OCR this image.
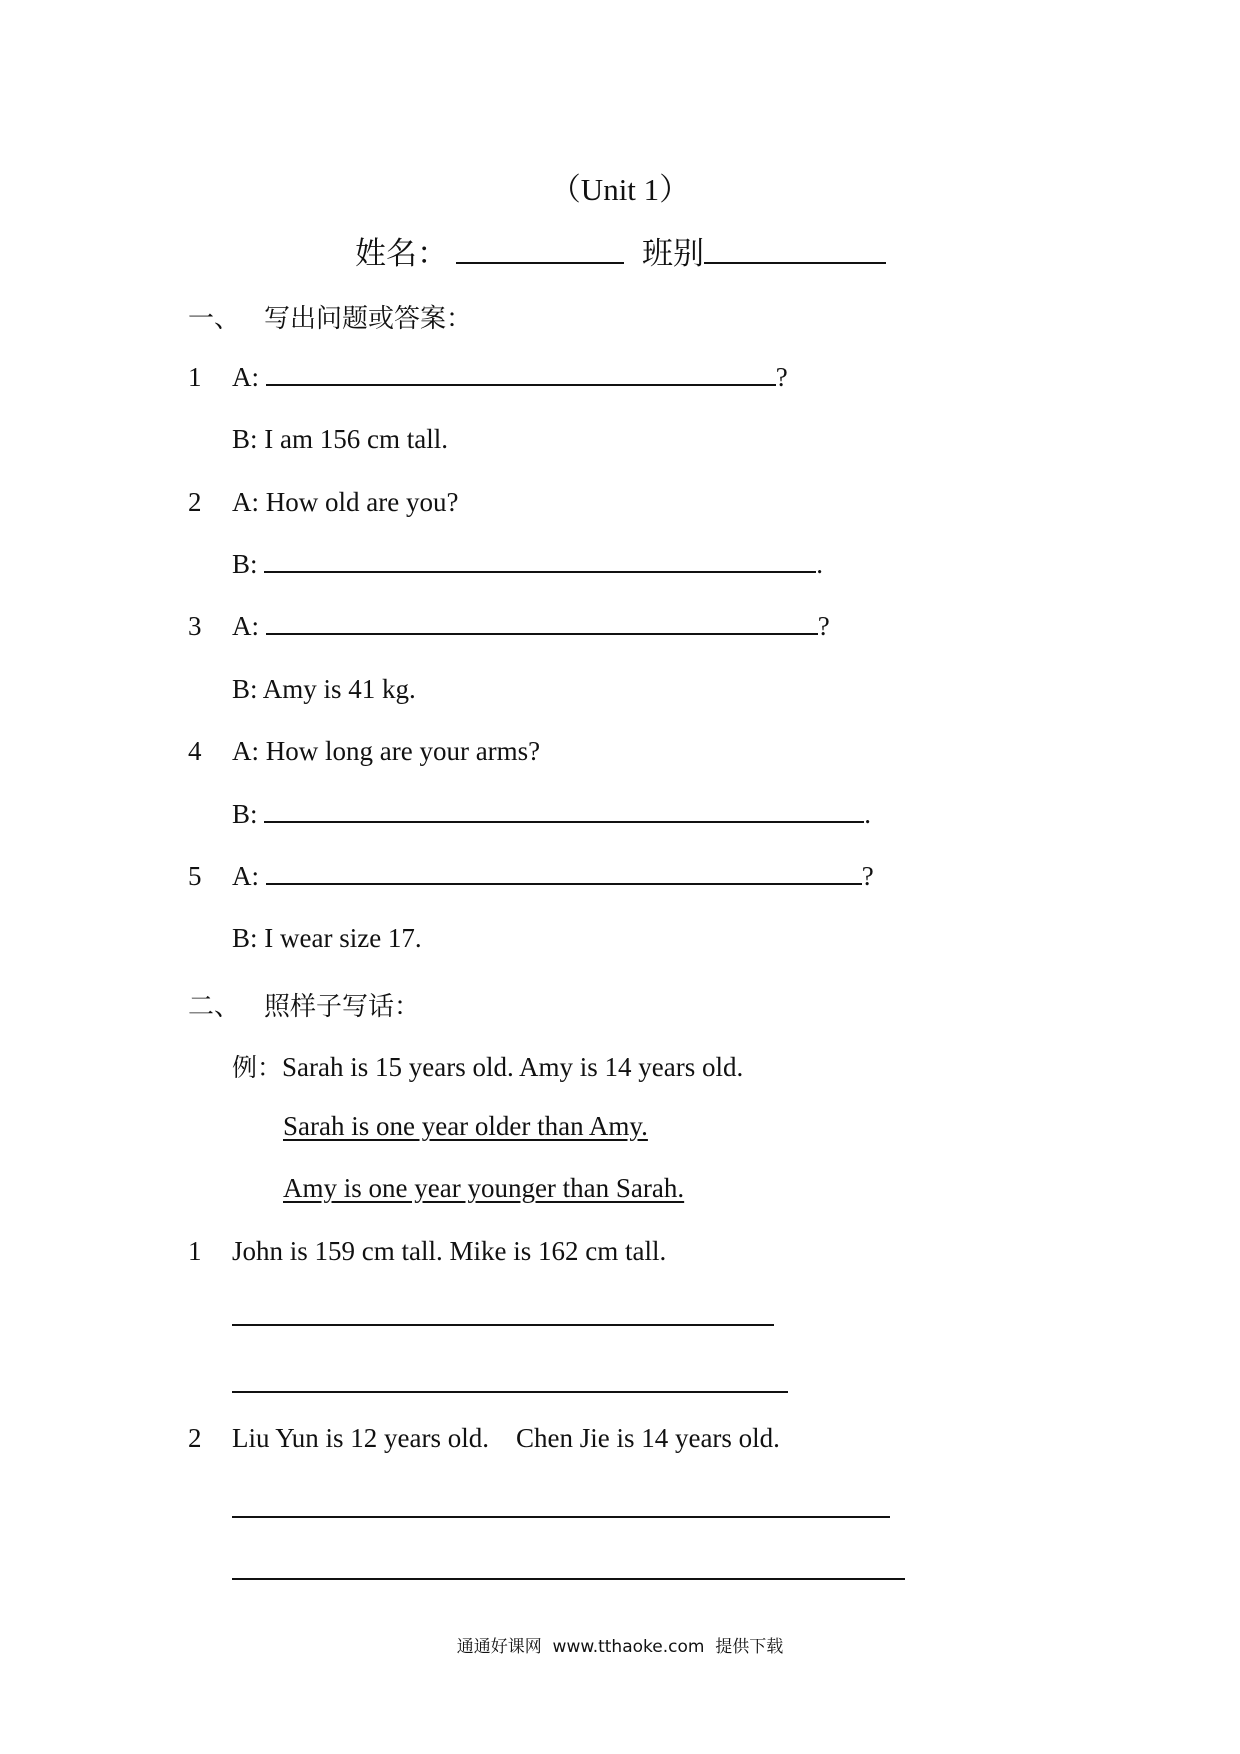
（Unit 1）
姓名：	班别
一、 写出问题或答案：
1 A:	?
B: I am 156 cm tall.
2 A: How old are you?
B:	.
3 A:	?
B: Amy is 41 kg.
4 A: How long are your arms?
B:	.
5 A:	?
B: I wear size 17.
二、 照样子写话：
例：Sarah is 15 years old. Amy is 14 years old.
Sarah is one year older than Amy.
Amy is one year younger than Sarah.
1 John is 159 cm tall. Mike is 162 cm tall.
2 Liu Yun is 12 years old.    Chen Jie is 14 years old.
通通好课网  www.tthaoke.com  提供下载
